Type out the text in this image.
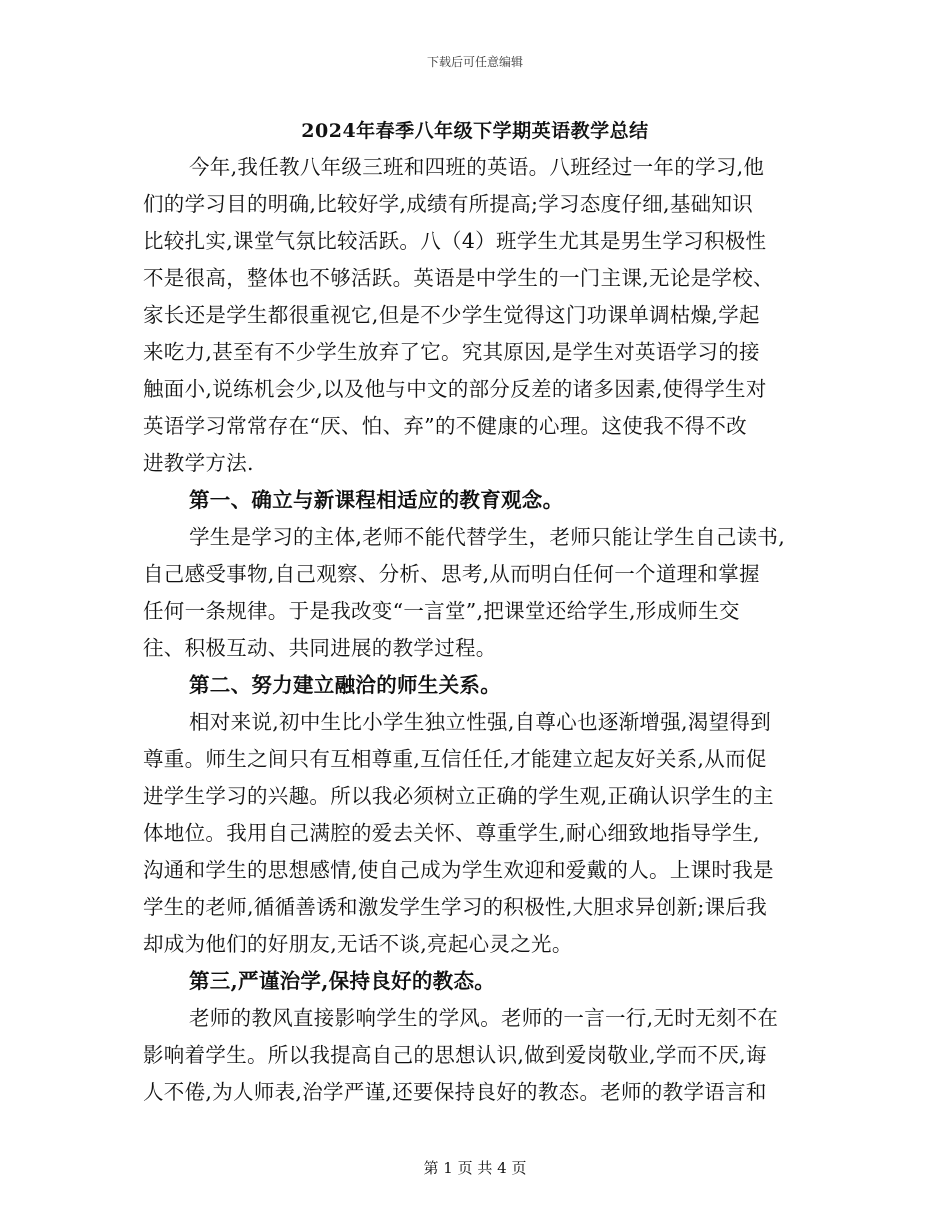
下载后可任意编辑
2024年春季八年级下学期英语教学总结
今年,我任教八年级三班和四班的英语。八班经过一年的学习,他
们的学习目的明确,比较好学,成绩有所提高;学习态度仔细,基础知识
比较扎实,课堂气氛比较活跃。八（4）班学生尤其是男生学习积极性
不是很高，整体也不够活跃。英语是中学生的一门主课,无论是学校、
家长还是学生都很重视它,但是不少学生觉得这门功课单调枯燥,学起
来吃力,甚至有不少学生放弃了它。究其原因,是学生对英语学习的接
触面小,说练机会少,以及他与中文的部分反差的诸多因素,使得学生对
英语学习常常存在“厌、怕、弃”的不健康的心理。这使我不得不改
进教学方法.
第一、确立与新课程相适应的教育观念。
学生是学习的主体,老师不能代替学生，老师只能让学生自己读书,
自己感受事物,自己观察、分析、思考,从而明白任何一个道理和掌握
任何一条规律。于是我改变“一言堂”,把课堂还给学生,形成师生交
往、积极互动、共同进展的教学过程。
第二、努力建立融洽的师生关系。
相对来说,初中生比小学生独立性强,自尊心也逐渐增强,渴望得到
尊重。师生之间只有互相尊重,互信任任,才能建立起友好关系,从而促
进学生学习的兴趣。所以我必须树立正确的学生观,正确认识学生的主
体地位。我用自己满腔的爱去关怀、尊重学生,耐心细致地指导学生,
沟通和学生的思想感情,使自己成为学生欢迎和爱戴的人。上课时我是
学生的老师,循循善诱和激发学生学习的积极性,大胆求异创新;课后我
却成为他们的好朋友,无话不谈,亮起心灵之光。
第三,严谨治学,保持良好的教态。
老师的教风直接影响学生的学风。老师的一言一行,无时无刻不在
影响着学生。所以我提高自己的思想认识,做到爱岗敬业,学而不厌,诲
人不倦,为人师表,治学严谨,还要保持良好的教态。老师的教学语言和
第 1 页 共 4 页
